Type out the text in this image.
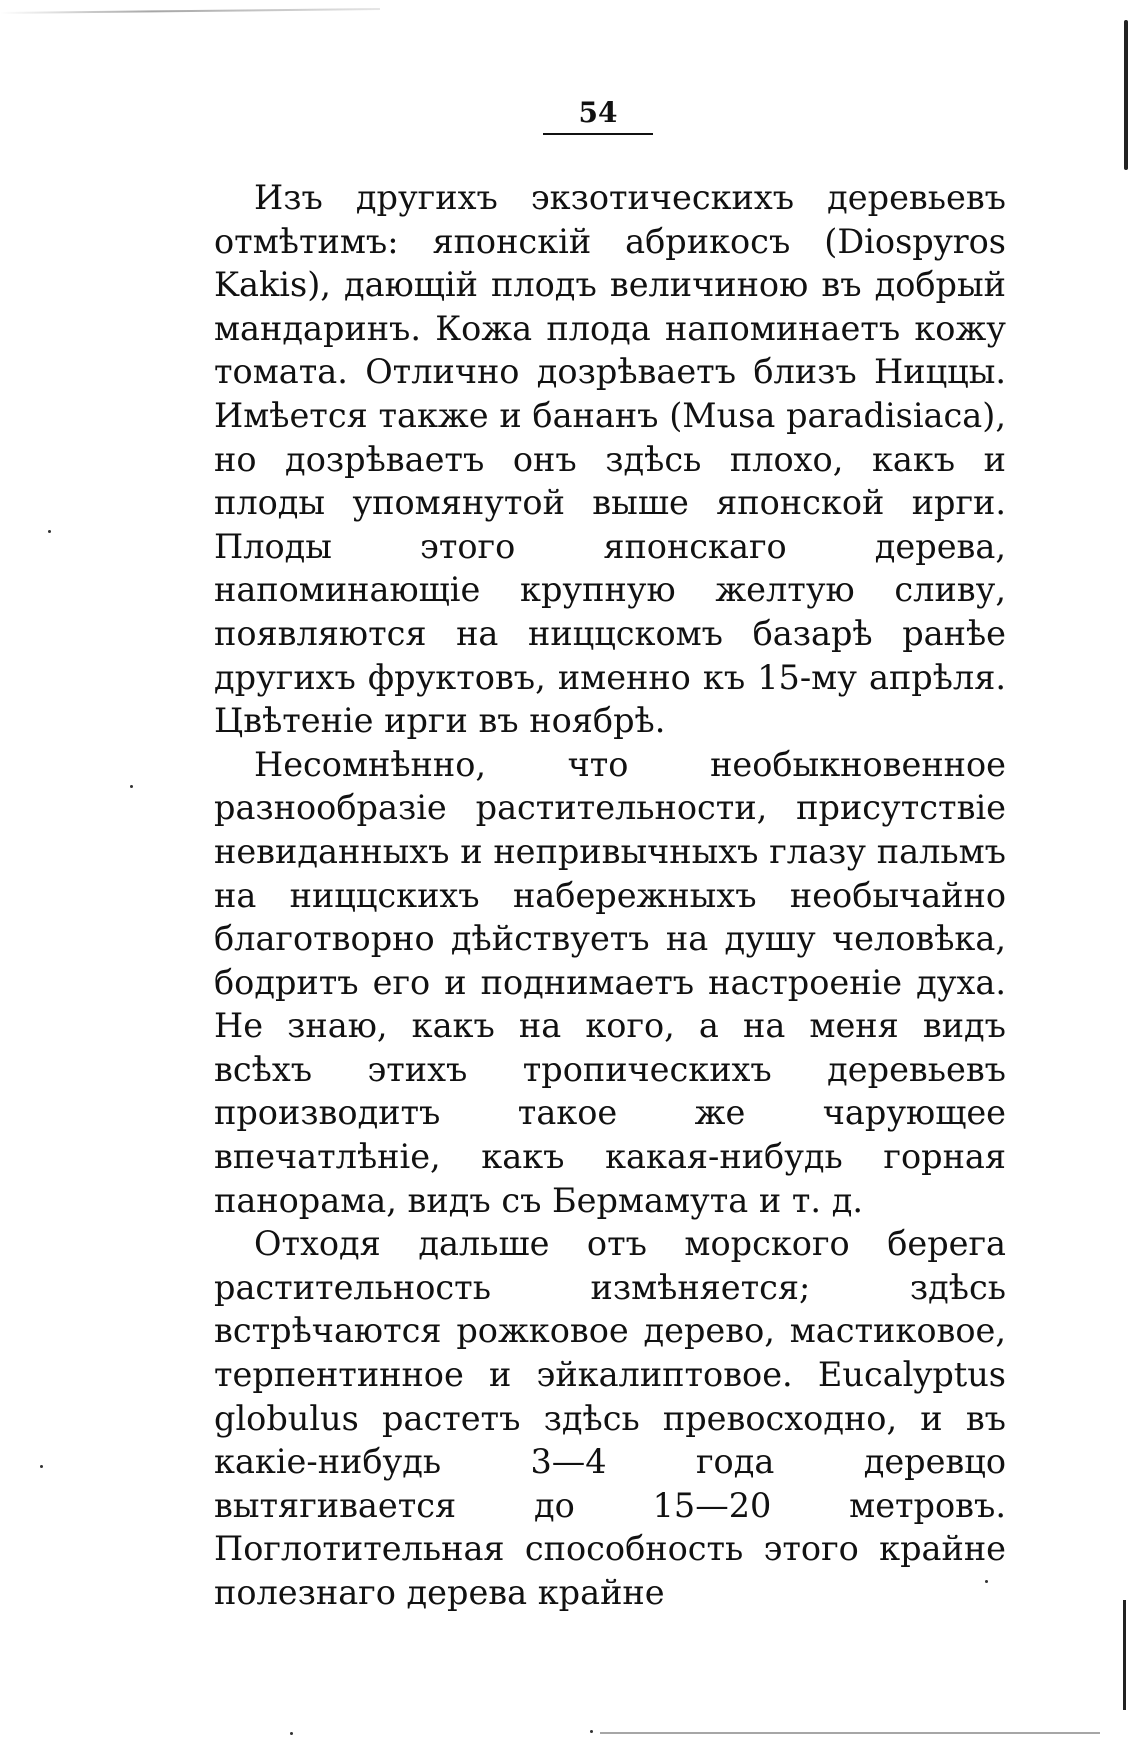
54

Изъ другихъ экзотическихъ деревьевъ отмѣтимъ: японскій абрикосъ (Diospyros Kakis), дающій плодъ величиною въ добрый мандаринъ. Кожа плода напоминаетъ кожу томата. Отлично дозрѣваетъ близъ Ниццы. Имѣется также и бананъ (Musa paradisiaca), но дозрѣваетъ онъ здѣсь плохо, какъ и плоды упомянутой выше японской ирги. Плоды этого японскаго дерева, напоминающіе крупную желтую сливу, появляются на ниццскомъ базарѣ ранѣе другихъ фруктовъ, именно къ 15-му апрѣля. Цвѣтеніе ирги въ ноябрѣ.

Несомнѣнно, что необыкновенное разнообразіе растительности, присутствіе невиданныхъ и непривычныхъ глазу пальмъ на ниццскихъ набережныхъ необычайно благотворно дѣйствуетъ на душу человѣка, бодритъ его и поднимаетъ настроеніе духа. Не знаю, какъ на кого, а на меня видъ всѣхъ этихъ тропическихъ деревьевъ производитъ такое же чарующее впечатлѣніе, какъ какая-нибудь горная панорама, видъ съ Бермамута и т. д.

Отходя дальше отъ морского берега растительность измѣняется; здѣсь встрѣчаются рожковое дерево, мастиковое, терпентинное и эйкалиптовое. Eucalyptus globulus растетъ здѣсь превосходно, и въ какіе-нибудь 3—4 года деревцо вытягивается до 15—20 метровъ. Поглотительная способность этого крайне полезнаго дерева крайне
